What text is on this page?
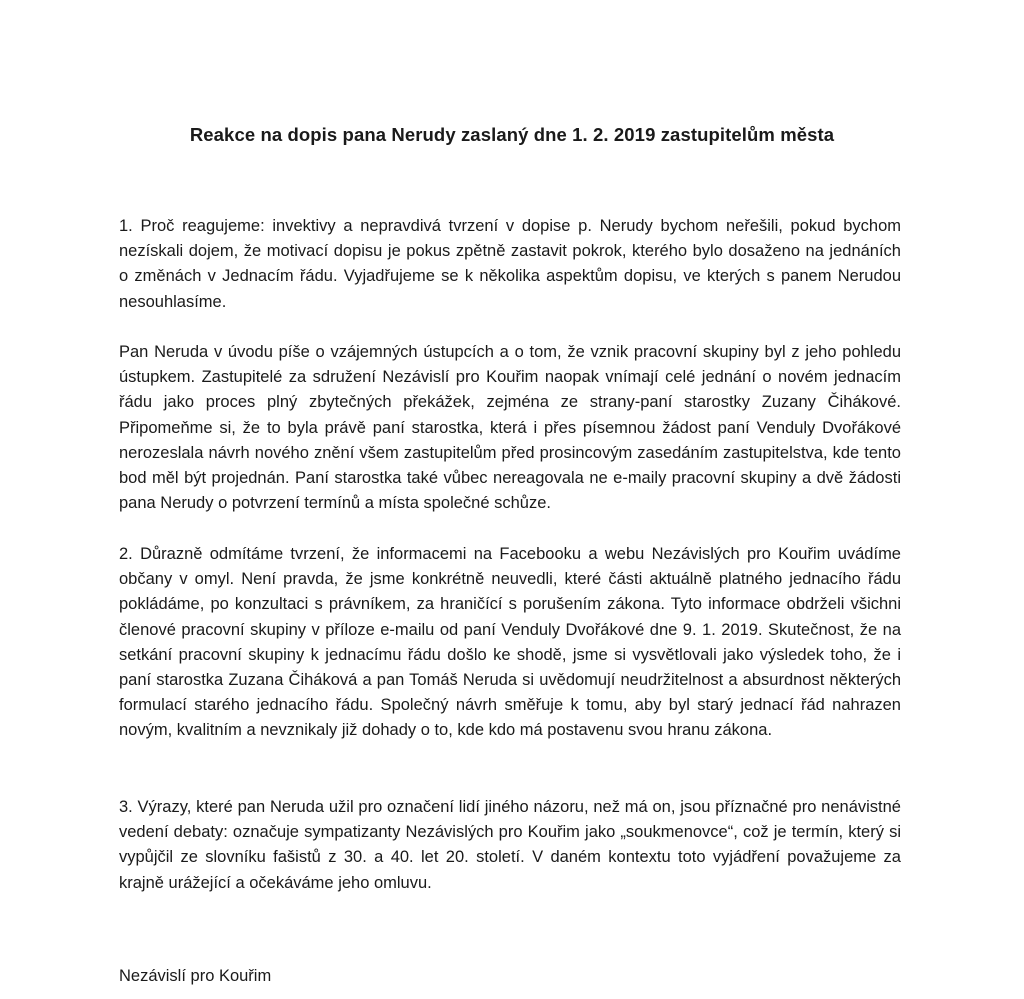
Reakce na dopis pana Nerudy zaslaný dne 1. 2. 2019 zastupitelům města

1. Proč reagujeme: invektivy a nepravdivá tvrzení v dopise p. Nerudy bychom neřešili, pokud bychom nezískali dojem, že motivací dopisu je pokus zpětně zastavit pokrok, kterého bylo dosaženo na jednáních o změnách v Jednacím řádu. Vyjadřujeme se k několika aspektům dopisu, ve kterých s panem Nerudou nesouhlasíme.

Pan Neruda v úvodu píše o vzájemných ústupcích a o tom, že vznik pracovní skupiny byl z jeho pohledu ústupkem. Zastupitelé za sdružení Nezávislí pro Kouřim naopak vnímají celé jednání o novém jednacím řádu jako proces plný zbytečných překážek, zejména ze strany-paní starostky Zuzany Čihákové. Připomeňme si, že to byla právě paní starostka, která i přes písemnou žádost paní Venduly Dvořákové nerozeslala návrh nového znění všem zastupitelům před prosincovým zasedáním zastupitelstva, kde tento bod měl být projednán. Paní starostka také vůbec nereagovala ne e-maily pracovní skupiny a dvě žádosti pana Nerudy o potvrzení termínů a místa společné schůze.

2. Důrazně odmítáme tvrzení, že informacemi na Facebooku a webu Nezávislých pro Kouřim uvádíme občany v omyl. Není pravda, že jsme konkrétně neuvedli, které části aktuálně platného jednacího řádu pokládáme, po konzultaci s právníkem, za hraničící s porušením zákona. Tyto informace obdrželi všichni členové pracovní skupiny v příloze e-mailu od paní Venduly Dvořákové dne 9. 1. 2019. Skutečnost, že na setkání pracovní skupiny k jednacímu řádu došlo ke shodě, jsme si vysvětlovali jako výsledek toho, že i paní starostka Zuzana Čiháková a pan Tomáš Neruda si uvědomují neudržitelnost a absurdnost některých formulací starého jednacího řádu. Společný návrh směřuje k tomu, aby byl starý jednací řád nahrazen novým, kvalitním a nevznikaly již dohady o to, kde kdo má postavenu svou hranu zákona.

3. Výrazy, které pan Neruda užil pro označení lidí jiného názoru, než má on, jsou příznačné pro nenávistné vedení debaty: označuje sympatizanty Nezávislých pro Kouřim jako „soukmenovce“, což je termín, který si vypůjčil ze slovníku fašistů z 30. a 40. let 20. století. V daném kontextu toto vyjádření považujeme za krajně urážející a očekáváme jeho omluvu.

Nezávislí pro Kouřim
